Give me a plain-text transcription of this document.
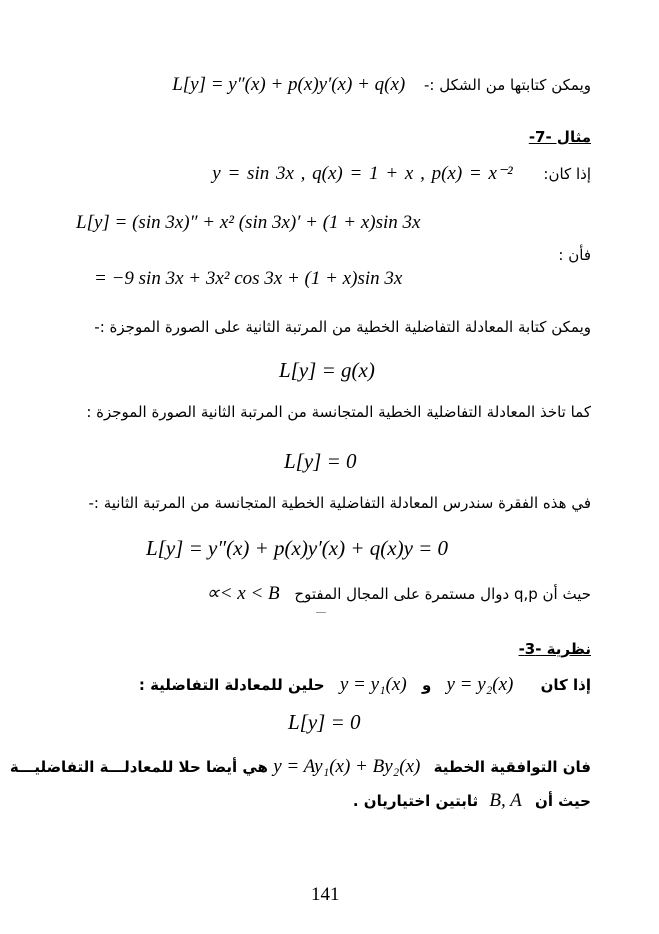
ويمكن كتابتها من الشكل :- L[y] = y″(x) + p(x)y′(x) + q(x)
مثال -7-
إذا كان: y = sin 3x , q(x) = 1 + x , p(x) = x⁻²
L[y] = (sin 3x)″ + x² (sin 3x)′ + (1 + x)sin 3x
فأن :
= −9 sin 3x + 3x² cos 3x + (1 + x)sin 3x
ويمكن كتابة المعادلة التفاضلية الخطية من المرتبة الثانية على الصورة الموجزة :-
L[y] = g(x)
كما تاخذ المعادلة التفاضلية الخطية المتجانسة من المرتبة الثانية الصورة الموجزة :
L[y] = 0
في هذه الفقرة سندرس المعادلة التفاضلية الخطية المتجانسة من المرتبة الثانية :-
L[y] = y″(x) + p(x)y′(x) + q(x)y = 0
حيث أن q,p دوال مستمرة على المجال المفتوح ∝< x < B
نظرية -3-
إذا كان y = y₂(x) و y = y₁(x) حلين للمعادلة التفاضلية :
L[y] = 0
فان التوافقية الخطية y = Ay₁(x) + By₂(x) هي أيضا حلا للمعادلـــة التفاضليـــة
حيث أن B, A ثابتين اختياريان .
141
